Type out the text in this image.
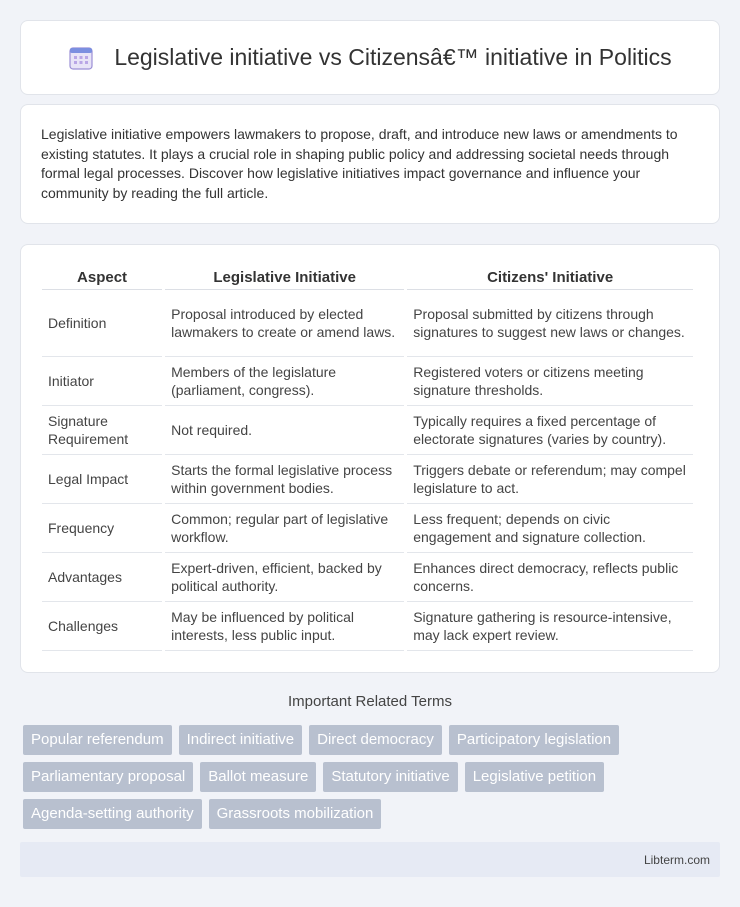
Legislative initiative vs Citizensâ€™ initiative in Politics

Legislative initiative empowers lawmakers to propose, draft, and introduce new laws or amendments to existing statutes. It plays a crucial role in shaping public policy and addressing societal needs through formal legal processes. Discover how legislative initiatives impact governance and influence your community by reading the full article.

Aspect	Legislative Initiative	Citizens' Initiative
Definition	Proposal introduced by elected lawmakers to create or amend laws.	Proposal submitted by citizens through signatures to suggest new laws or changes.
Initiator	Members of the legislature (parliament, congress).	Registered voters or citizens meeting signature thresholds.
Signature Requirement	Not required.	Typically requires a fixed percentage of electorate signatures (varies by country).
Legal Impact	Starts the formal legislative process within government bodies.	Triggers debate or referendum; may compel legislature to act.
Frequency	Common; regular part of legislative workflow.	Less frequent; depends on civic engagement and signature collection.
Advantages	Expert-driven, efficient, backed by political authority.	Enhances direct democracy, reflects public concerns.
Challenges	May be influenced by political interests, less public input.	Signature gathering is resource-intensive, may lack expert review.
Important Related Terms
Popular referendum	Indirect initiative	Direct democracy	Participatory legislation
Parliamentary proposal	Ballot measure	Statutory initiative	Legislative petition
Agenda-setting authority	Grassroots mobilization
Libterm.com
